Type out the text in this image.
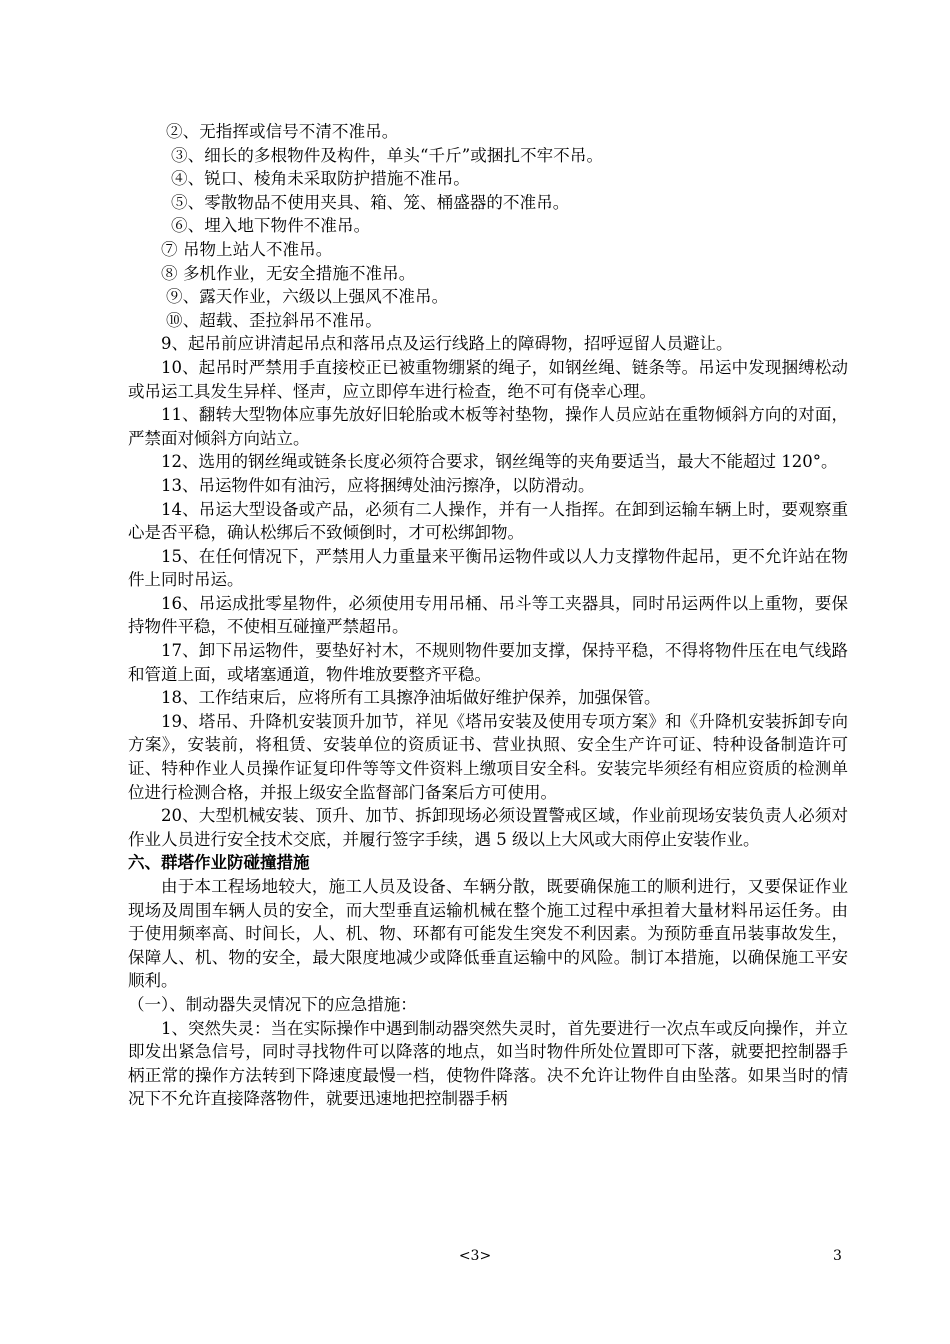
②、无指挥或信号不清不准吊。
③、细长的多根物件及构件，单头“千斤”或捆扎不牢不吊。
④、锐口、棱角未采取防护措施不准吊。
⑤、零散物品不使用夹具、箱、笼、桶盛器的不准吊。
⑥、埋入地下物件不准吊。
⑦ 吊物上站人不准吊。
⑧ 多机作业，无安全措施不准吊。
⑨、露天作业，六级以上强风不准吊。
⑩、超载、歪拉斜吊不准吊。
9、起吊前应讲清起吊点和落吊点及运行线路上的障碍物，招呼逗留人员避让。
10、起吊时严禁用手直接校正已被重物绷紧的绳子，如钢丝绳、链条等。吊运中发现捆缚松动或吊运工具发生异样、怪声，应立即停车进行检查，绝不可有侥幸心理。
11、翻转大型物体应事先放好旧轮胎或木板等衬垫物，操作人员应站在重物倾斜方向的对面，严禁面对倾斜方向站立。
12、选用的钢丝绳或链条长度必须符合要求，钢丝绳等的夹角要适当，最大不能超过 120°。
13、吊运物件如有油污，应将捆缚处油污擦净，以防滑动。
14、吊运大型设备或产品，必须有二人操作，并有一人指挥。在卸到运输车辆上时，要观察重心是否平稳，确认松绑后不致倾倒时，才可松绑卸物。
15、在任何情况下，严禁用人力重量来平衡吊运物件或以人力支撑物件起吊，更不允许站在物件上同时吊运。
16、吊运成批零星物件，必须使用专用吊桶、吊斗等工夹器具，同时吊运两件以上重物，要保持物件平稳，不使相互碰撞严禁超吊。
17、卸下吊运物件，要垫好衬木，不规则物件要加支撑，保持平稳，不得将物件压在电气线路和管道上面，或堵塞通道，物件堆放要整齐平稳。
18、工作结束后，应将所有工具擦净油垢做好维护保养，加强保管。
19、塔吊、升降机安装顶升加节，祥见《塔吊安装及使用专项方案》和《升降机安装拆卸专向方案》，安装前，将租赁、安装单位的资质证书、营业执照、安全生产许可证、特种设备制造许可证、特种作业人员操作证复印件等等文件资料上缴项目安全科。安装完毕须经有相应资质的检测单位进行检测合格，并报上级安全监督部门备案后方可使用。
20、大型机械安装、顶升、加节、拆卸现场必须设置警戒区域，作业前现场安装负责人必须对作业人员进行安全技术交底，并履行签字手续，遇 5 级以上大风或大雨停止安装作业。
六、群塔作业防碰撞措施
由于本工程场地较大，施工人员及设备、车辆分散，既要确保施工的顺利进行，又要保证作业现场及周围车辆人员的安全，而大型垂直运输机械在整个施工过程中承担着大量材料吊运任务。由于使用频率高、时间长，人、机、物、环都有可能发生突发不利因素。为预防垂直吊装事故发生，保障人、机、物的安全，最大限度地减少或降低垂直运输中的风险。制订本措施，以确保施工平安顺利。
（一）、制动器失灵情况下的应急措施：
1、突然失灵：当在实际操作中遇到制动器突然失灵时，首先要进行一次点车或反向操作，并立即发出紧急信号，同时寻找物件可以降落的地点，如当时物件所处位置即可下落，就要把控制器手柄正常的操作方法转到下降速度最慢一档，使物件降落。决不允许让物件自由坠落。如果当时的情况下不允许直接降落物件，就要迅速地把控制器手柄
<3>	3
